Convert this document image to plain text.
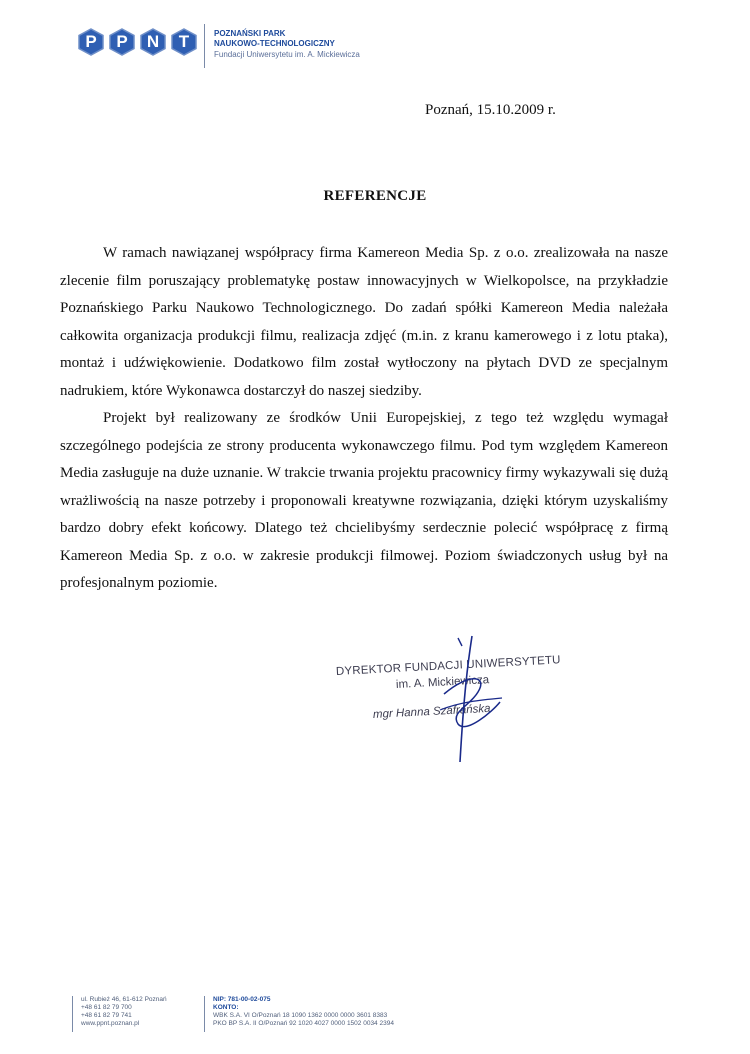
P P N T	POZNAŃSKI PARK
NAUKOWO-TECHNOLOGICZNY
Fundacji Uniwersytetu im. A. Mickiewicza
Poznań, 15.10.2009 r.
REFERENCJE

W ramach nawiązanej współpracy firma Kamereon Media Sp. z o.o. zrealizowała na nasze zlecenie film poruszający problematykę postaw innowacyjnych w Wielkopolsce, na przykładzie Poznańskiego Parku Naukowo Technologicznego. Do zadań spółki Kamereon Media należała całkowita organizacja produkcji filmu, realizacja zdjęć (m.in. z kranu kamerowego i z lotu ptaka), montaż i udźwiękowienie. Dodatkowo film został wytłoczony na płytach DVD ze specjalnym nadrukiem, które Wykonawca dostarczył do naszej siedziby.

Projekt był realizowany ze środków Unii Europejskiej, z tego też względu wymagał szczególnego podejścia ze strony producenta wykonawczego filmu. Pod tym względem Kamereon Media zasługuje na duże uznanie. W trakcie trwania projektu pracownicy firmy wykazywali się dużą wrażliwością na nasze potrzeby i proponowali kreatywne rozwiązania, dzięki którym uzyskaliśmy bardzo dobry efekt końcowy. Dlatego też chcielibyśmy serdecznie polecić współpracę z firmą Kamereon Media Sp. z o.o. w zakresie produkcji filmowej. Poziom świadczonych usług był na profesjonalnym poziomie.

DYREKTOR FUNDACJI UNIWERSYTETU
im. A. Mickiewicza
mgr Hanna Szafrańska
ul. Rubież 46, 61-612 Poznań
+48 61 82 79 700
+48 61 82 79 741
www.ppnt.poznan.pl
NIP: 781-00-02-075
KONTO:
WBK S.A. VI O/Poznań 18 1090 1362 0000 0000 3601 8383
PKO BP S.A. II O/Poznań 92 1020 4027 0000 1502 0034 2394
